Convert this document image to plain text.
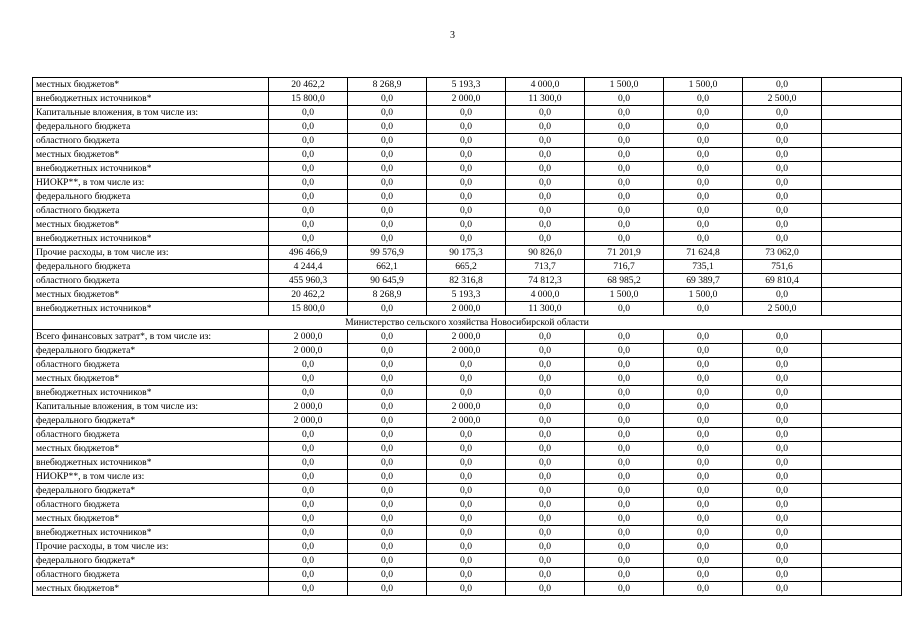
3
местных бюджетов*	20 462,2	8 268,9	5 193,3	4 000,0	1 500,0	1 500,0	0,0	
внебюджетных источников*	15 800,0	0,0	2 000,0	11 300,0	0,0	0,0	2 500,0	
Капитальные вложения, в том числе из:	0,0	0,0	0,0	0,0	0,0	0,0	0,0	
федерального бюджета	0,0	0,0	0,0	0,0	0,0	0,0	0,0	
областного бюджета	0,0	0,0	0,0	0,0	0,0	0,0	0,0	
местных бюджетов*	0,0	0,0	0,0	0,0	0,0	0,0	0,0	
внебюджетных источников*	0,0	0,0	0,0	0,0	0,0	0,0	0,0	
НИОКР**, в том числе из:	0,0	0,0	0,0	0,0	0,0	0,0	0,0	
федерального бюджета	0,0	0,0	0,0	0,0	0,0	0,0	0,0	
областного бюджета	0,0	0,0	0,0	0,0	0,0	0,0	0,0	
местных бюджетов*	0,0	0,0	0,0	0,0	0,0	0,0	0,0	
внебюджетных источников*	0,0	0,0	0,0	0,0	0,0	0,0	0,0	
Прочие расходы, в том числе из:	496 466,9	99 576,9	90 175,3	90 826,0	71 201,9	71 624,8	73 062,0	
федерального бюджета	4 244,4	662,1	665,2	713,7	716,7	735,1	751,6	
областного бюджета	455 960,3	90 645,9	82 316,8	74 812,3	68 985,2	69 389,7	69 810,4	
местных бюджетов*	20 462,2	8 268,9	5 193,3	4 000,0	1 500,0	1 500,0	0,0	
внебюджетных источников*	15 800,0	0,0	2 000,0	11 300,0	0,0	0,0	2 500,0	
Министерство сельского хозяйства Новосибирской области								
Всего финансовых затрат*, в том числе из:	2 000,0	0,0	2 000,0	0,0	0,0	0,0	0,0	
федерального бюджета*	2 000,0	0,0	2 000,0	0,0	0,0	0,0	0,0	
областного бюджета	0,0	0,0	0,0	0,0	0,0	0,0	0,0	
местных бюджетов*	0,0	0,0	0,0	0,0	0,0	0,0	0,0	
внебюджетных источников*	0,0	0,0	0,0	0,0	0,0	0,0	0,0	
Капитальные вложения, в том числе из:	2 000,0	0,0	2 000,0	0,0	0,0	0,0	0,0	
федерального бюджета*	2 000,0	0,0	2 000,0	0,0	0,0	0,0	0,0	
областного бюджета	0,0	0,0	0,0	0,0	0,0	0,0	0,0	
местных бюджетов*	0,0	0,0	0,0	0,0	0,0	0,0	0,0	
внебюджетных источников*	0,0	0,0	0,0	0,0	0,0	0,0	0,0	
НИОКР**, в том числе из:	0,0	0,0	0,0	0,0	0,0	0,0	0,0	
федерального бюджета*	0,0	0,0	0,0	0,0	0,0	0,0	0,0	
областного бюджета	0,0	0,0	0,0	0,0	0,0	0,0	0,0	
местных бюджетов*	0,0	0,0	0,0	0,0	0,0	0,0	0,0	
внебюджетных источников*	0,0	0,0	0,0	0,0	0,0	0,0	0,0	
Прочие расходы, в том числе из:	0,0	0,0	0,0	0,0	0,0	0,0	0,0	
федерального бюджета*	0,0	0,0	0,0	0,0	0,0	0,0	0,0	
областного бюджета	0,0	0,0	0,0	0,0	0,0	0,0	0,0	
местных бюджетов*	0,0	0,0	0,0	0,0	0,0	0,0	0,0	
